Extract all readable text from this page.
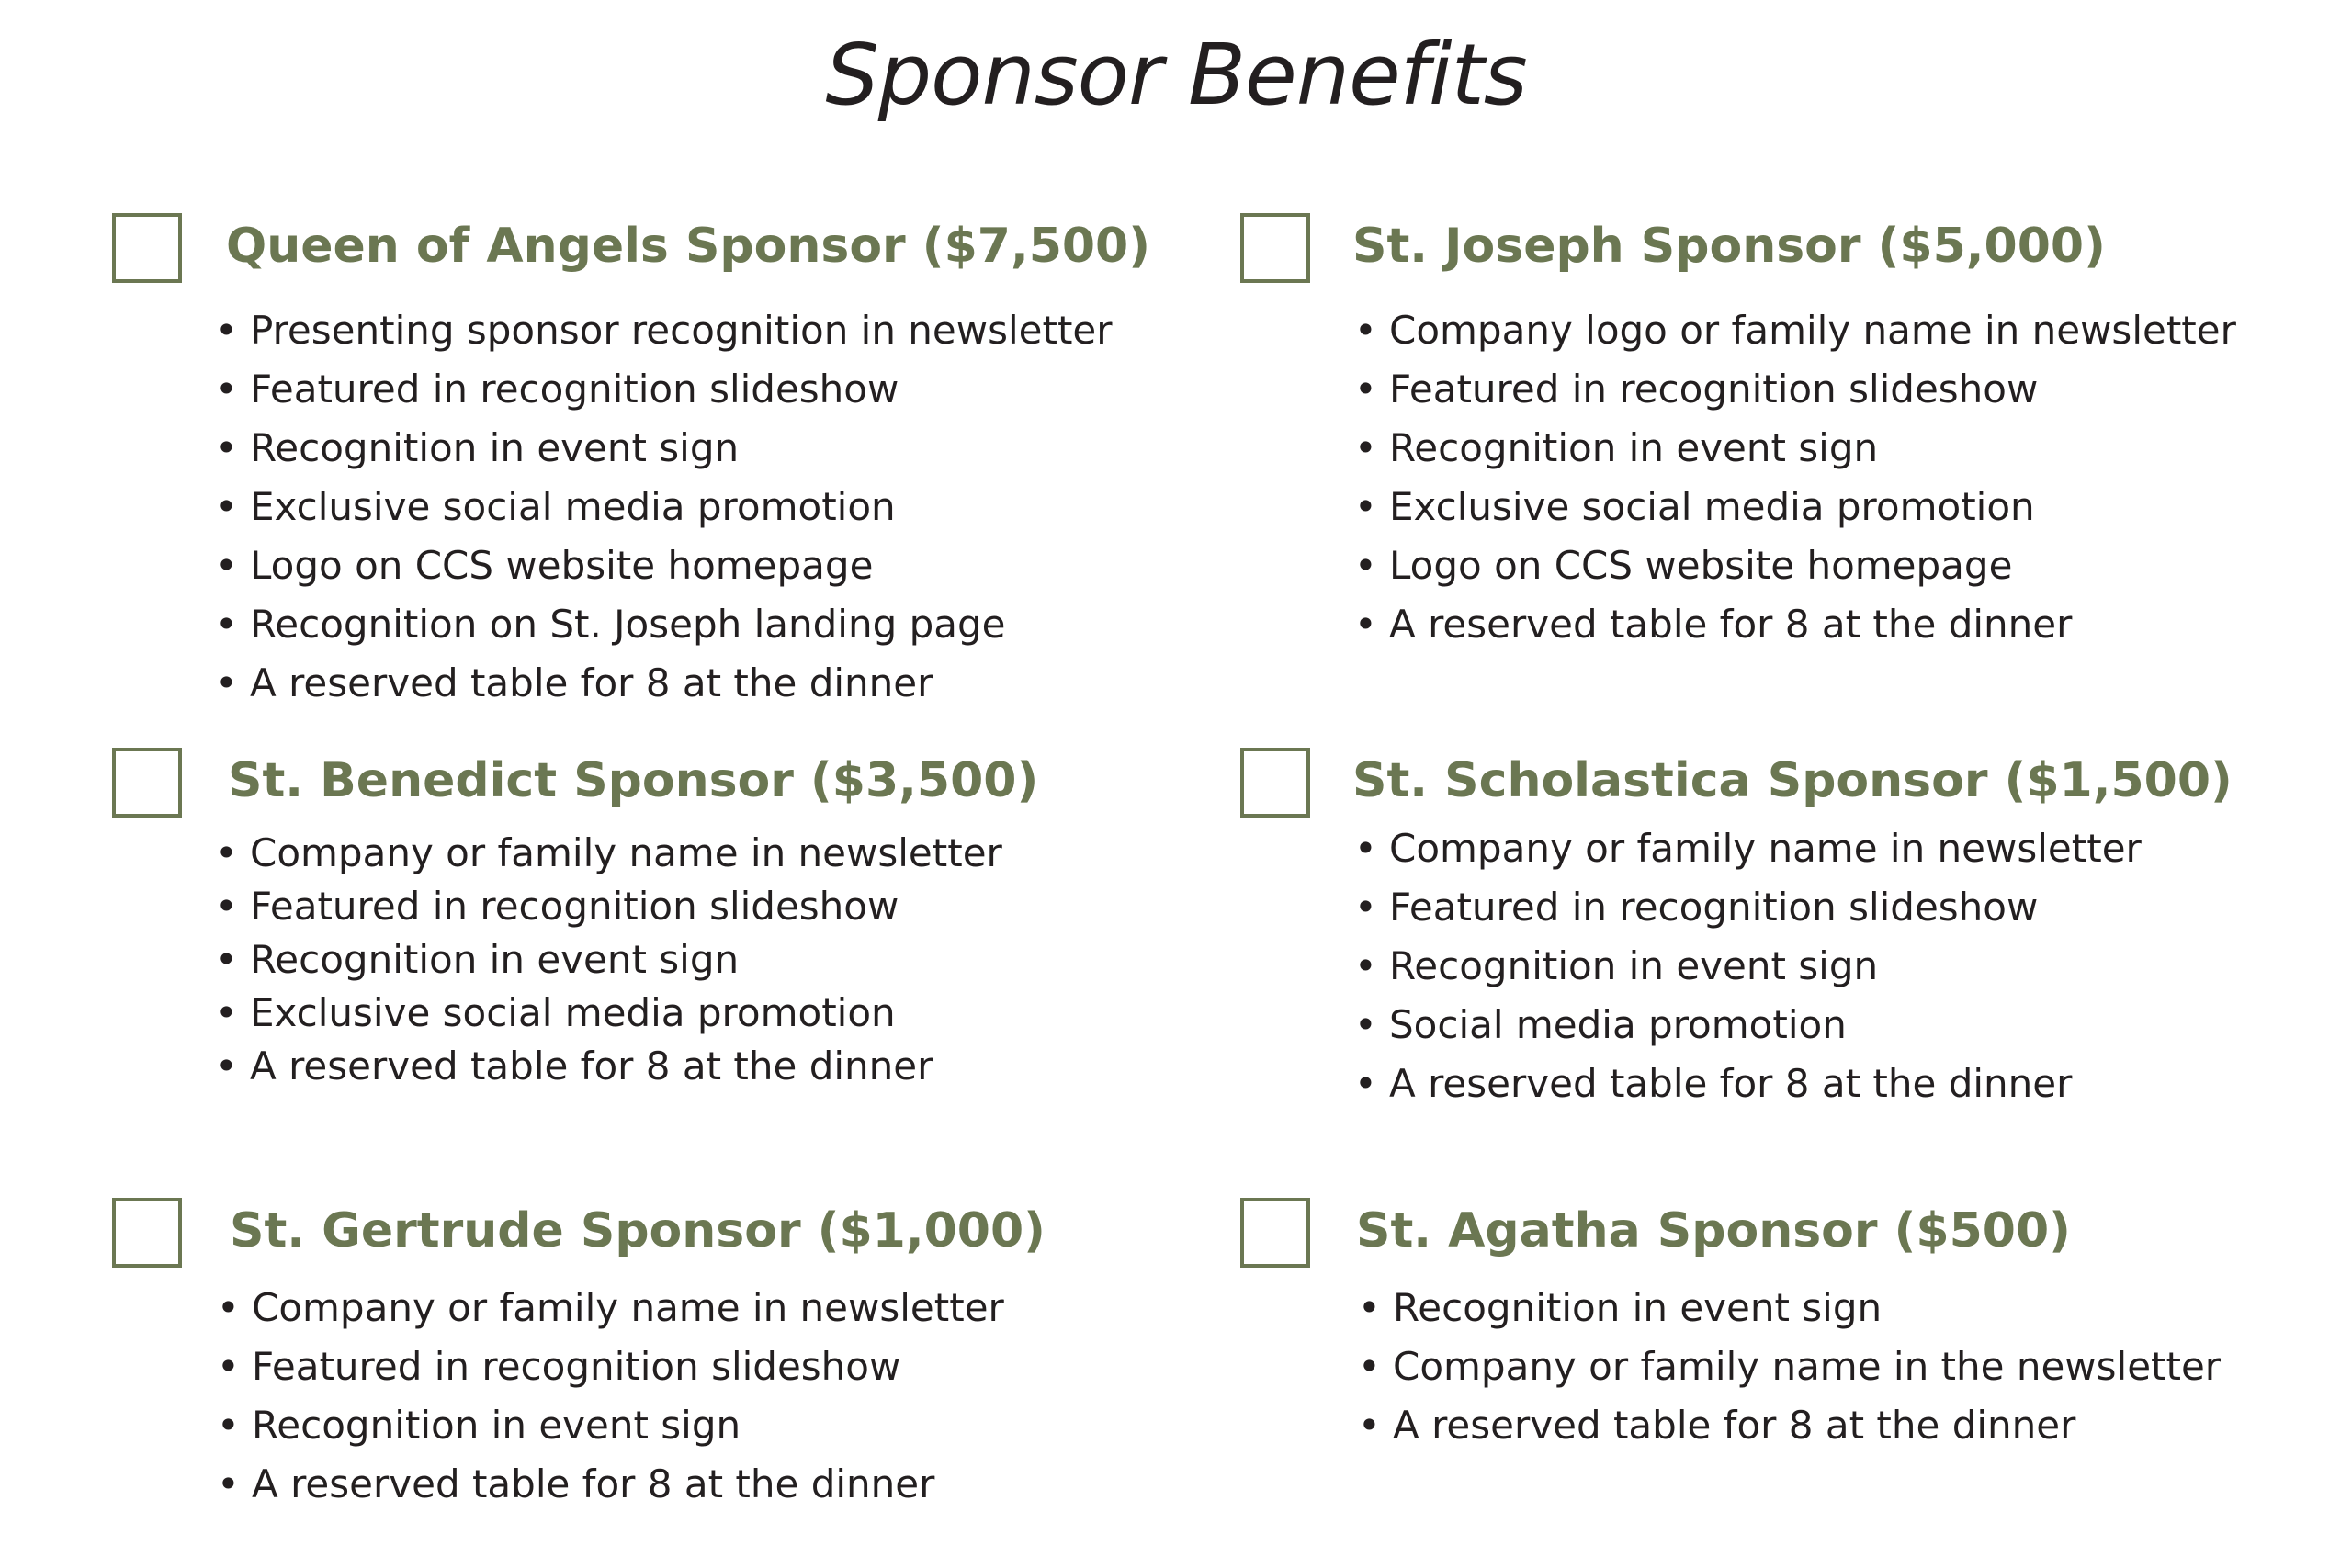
Sponsor Benefits
Queen of Angels Sponsor ($7,500)
• Presenting sponsor recognition in newsletter
• Featured in recognition slideshow
• Recognition in event sign
• Exclusive social media promotion
• Logo on CCS website homepage
• Recognition on St. Joseph landing page
• A reserved table for 8 at the dinner
St. Joseph Sponsor ($5,000)
• Company logo or family name in newsletter
• Featured in recognition slideshow
• Recognition in event sign
• Exclusive social media promotion
• Logo on CCS website homepage
• A reserved table for 8 at the dinner
St. Benedict Sponsor ($3,500)
• Company or family name in newsletter
• Featured in recognition slideshow
• Recognition in event sign
• Exclusive social media promotion
• A reserved table for 8 at the dinner
St. Scholastica Sponsor ($1,500)
• Company or family name in newsletter
• Featured in recognition slideshow
• Recognition in event sign
• Social media promotion
• A reserved table for 8 at the dinner
St. Gertrude Sponsor ($1,000)
• Company or family name in newsletter
• Featured in recognition slideshow
• Recognition in event sign
• A reserved table for 8 at the dinner
St. Agatha Sponsor ($500)
• Recognition in event sign
• Company or family name in the newsletter
• A reserved table for 8 at the dinner
